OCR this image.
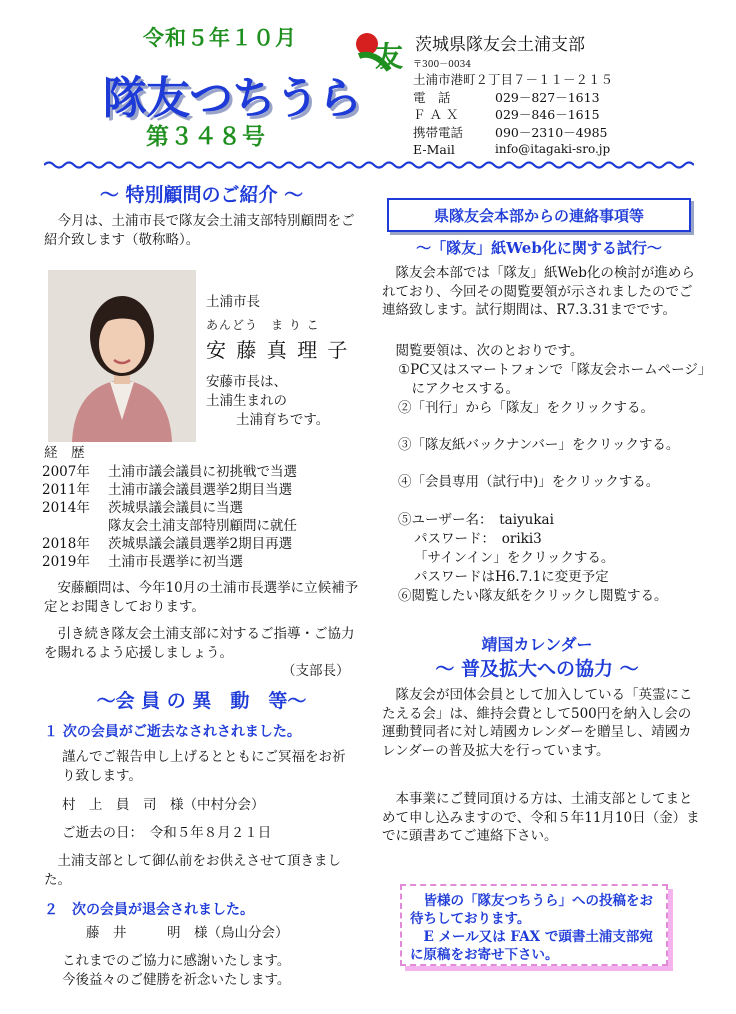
令和５年１０月
隊友つちうら
第３４８号
友 茨城県隊友会土浦支部
〒300－0034
土浦市港町２丁目７－１１－２１５
電　話	029－827－1613
Ｆ Ａ Ｘ	029－846－1615
携帯電話	090－2310－4985
E-Mail	info@itagaki-sro.jp
～ 特別顧問のご紹介 ～
今月は、土浦市長で隊友会土浦支部特別顧問をご紹介致します（敬称略）。
土浦市長
あんどう　ま り こ
安 藤 真 理 子
安藤市長は、
土浦生まれの
土浦育ちです。
経　歴
2007年	土浦市議会議員に初挑戦で当選
2011年	土浦市議会議員選挙2期目当選
2014年	茨城県議会議員に当選
	隊友会土浦支部特別顧問に就任
2018年	茨城県議会議員選挙2期目再選
2019年	土浦市長選挙に初当選
安藤顧問は、今年10月の土浦市長選挙に立候補予定とお聞きしております。
引き続き隊友会土浦支部に対するご指導・ご協力を賜れるよう応援しましょう。
（支部長）
～会 員 の 異　動　等～
１ 次の会員がご逝去なされされました。
謹んでご報告申し上げるとともにご冥福をお祈り致します。
村　上　員　司　様（中村分会）
ご逝去の日：　令和５年８月２１日
土浦支部として御仏前をお供えさせて頂きました。
２　次の会員が退会されました。
藤　井　　　明　様（鳥山分会）
これまでのご協力に感謝いたします。
今後益々のご健勝を祈念いたします。
県隊友会本部からの連絡事項等
～「隊友」紙Web化に関する試行～
隊友会本部では「隊友」紙Web化の検討が進められており、今回その閲覧要領が示されましたのでご連絡致します。試行期間は、R7.3.31までです。
閲覧要領は、次のとおりです。
①PC又はスマートフォンで「隊友会ホームページ」にアクセスする。
②「刊行」から「隊友」をクリックする。
③「隊友紙バックナンバー」をクリックする。
④「会員専用（試行中)」をクリックする。
⑤ユーザー名：　taiyukai
パスワード：　oriki3
「サインイン」をクリックする。
パスワードはH6.7.1に変更予定
⑥閲覧したい隊友紙をクリックし閲覧する。
靖国カレンダー
～ 普及拡大への協力 ～
隊友会が団体会員として加入している「英霊にこたえる会」は、維持会費として500円を納入し会の運動賛同者に対し靖國カレンダーを贈呈し、靖國カレンダーの普及拡大を行っています。
本事業にご賛同頂ける方は、土浦支部としてまとめて申し込みますので、令和５年11月10日（金）までに頭書あてご連絡下さい。
皆様の「隊友つちうら」への投稿をお待ちしております。
E メール又は FAX で頭書土浦支部宛に原稿をお寄せ下さい。
